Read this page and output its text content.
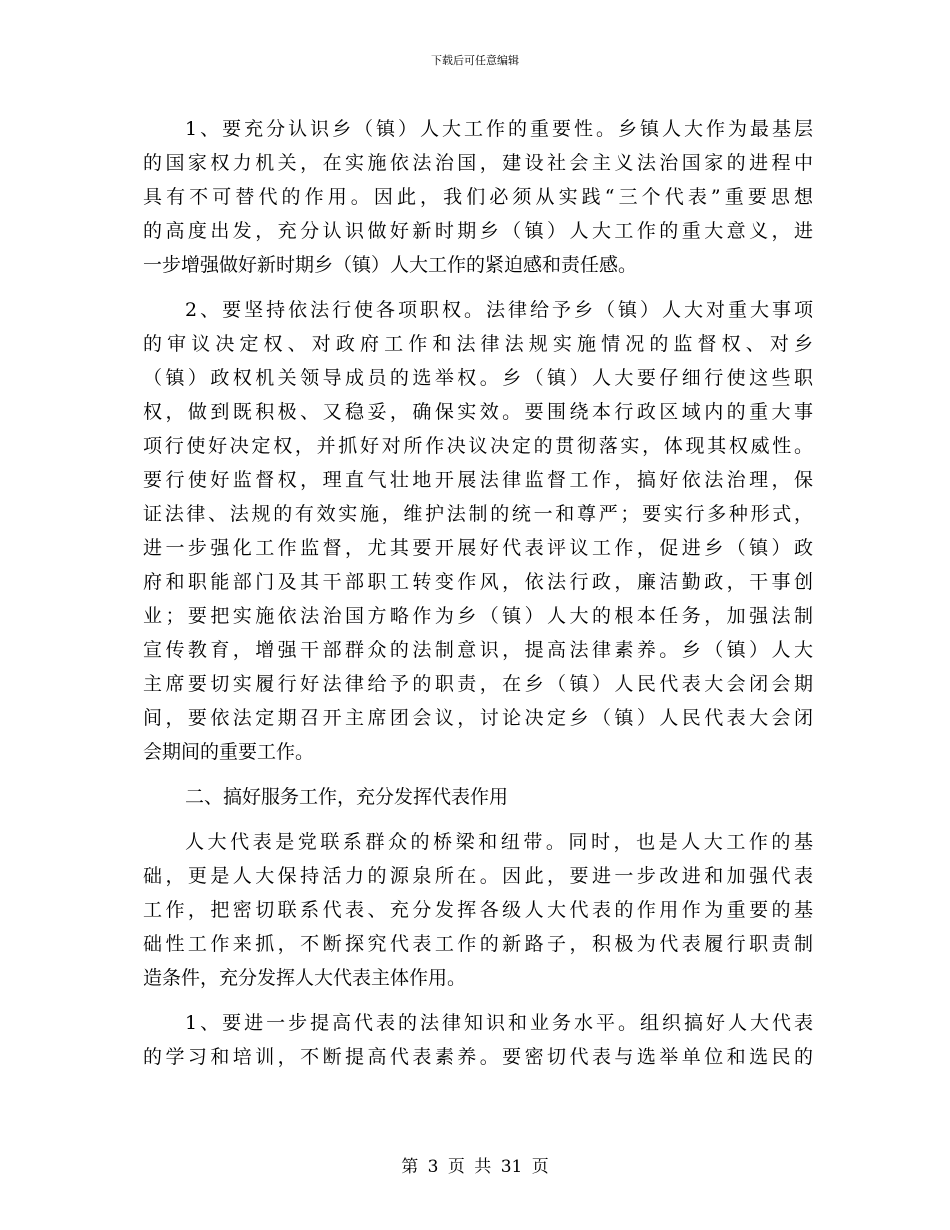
下载后可任意编辑
1、要充分认识乡（镇）人大工作的重要性。乡镇人大作为最基层
的国家权力机关，在实施依法治国，建设社会主义法治国家的进程中
具有不可替代的作用。因此，我们必须从实践“三个代表”重要思想
的高度出发，充分认识做好新时期乡（镇）人大工作的重大意义，进
一步增强做好新时期乡（镇）人大工作的紧迫感和责任感。
2、要坚持依法行使各项职权。法律给予乡（镇）人大对重大事项
的审议决定权、对政府工作和法律法规实施情况的监督权、对乡
（镇）政权机关领导成员的选举权。乡（镇）人大要仔细行使这些职
权，做到既积极、又稳妥，确保实效。要围绕本行政区域内的重大事
项行使好决定权，并抓好对所作决议决定的贯彻落实，体现其权威性。
要行使好监督权，理直气壮地开展法律监督工作，搞好依法治理，保
证法律、法规的有效实施，维护法制的统一和尊严；要实行多种形式，
进一步强化工作监督，尤其要开展好代表评议工作，促进乡（镇）政
府和职能部门及其干部职工转变作风，依法行政，廉洁勤政，干事创
业；要把实施依法治国方略作为乡（镇）人大的根本任务，加强法制
宣传教育，增强干部群众的法制意识，提高法律素养。乡（镇）人大
主席要切实履行好法律给予的职责，在乡（镇）人民代表大会闭会期
间，要依法定期召开主席团会议，讨论决定乡（镇）人民代表大会闭
会期间的重要工作。
二、搞好服务工作，充分发挥代表作用
人大代表是党联系群众的桥梁和纽带。同时，也是人大工作的基
础，更是人大保持活力的源泉所在。因此，要进一步改进和加强代表
工作，把密切联系代表、充分发挥各级人大代表的作用作为重要的基
础性工作来抓，不断探究代表工作的新路子，积极为代表履行职责制
造条件，充分发挥人大代表主体作用。
1、要进一步提高代表的法律知识和业务水平。组织搞好人大代表
的学习和培训，不断提高代表素养。要密切代表与选举单位和选民的
第 3 页 共 31 页
